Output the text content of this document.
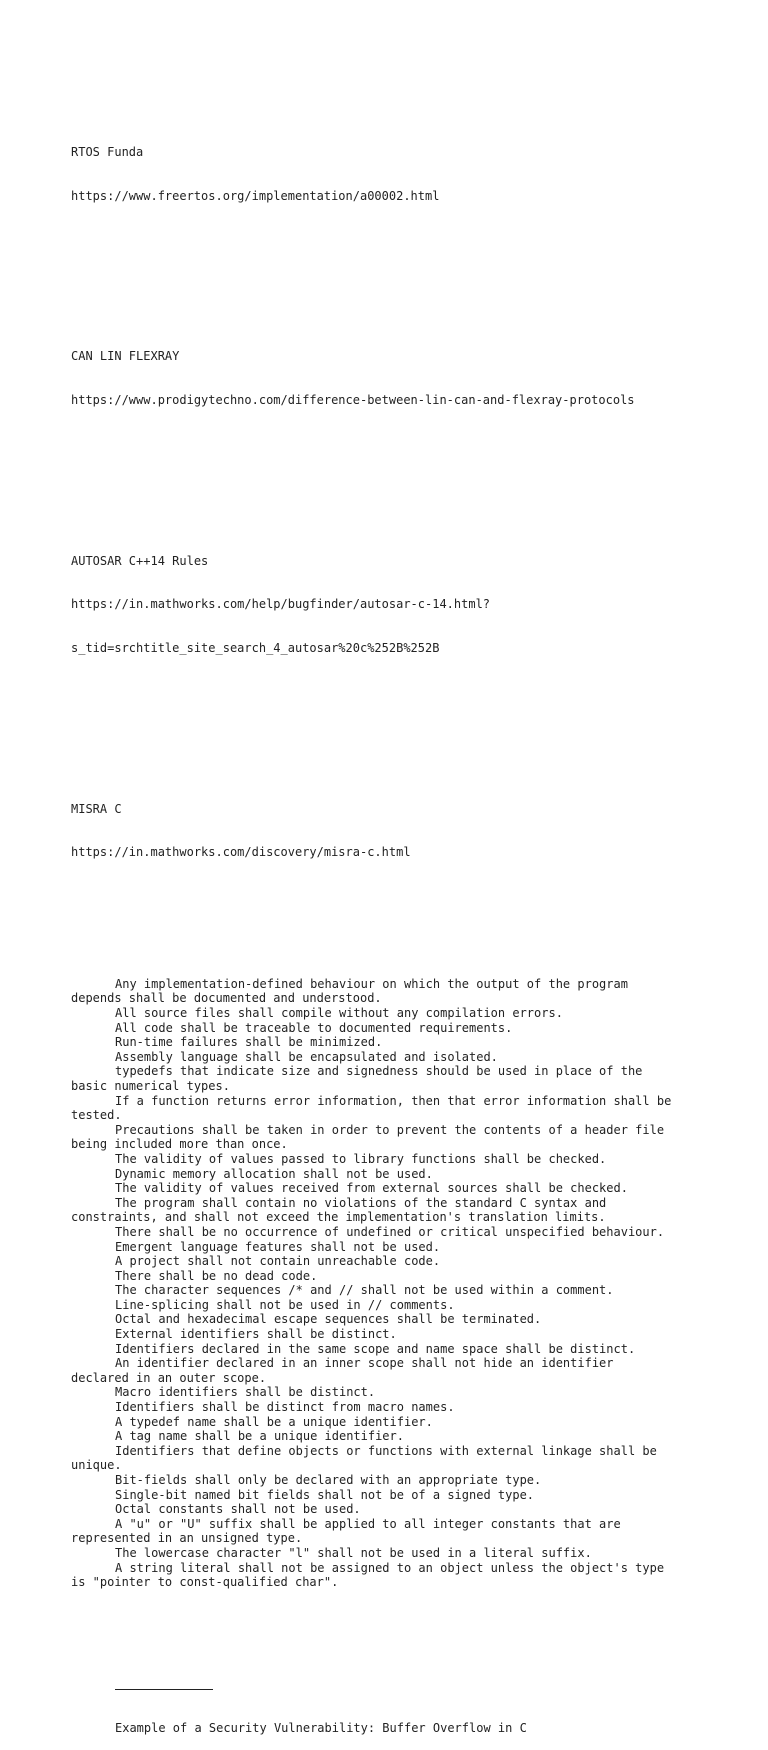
RTOS Funda

https://www.freertos.org/implementation/a00002.html

CAN LIN FLEXRAY

https://www.prodigytechno.com/difference-between-lin-can-and-flexray-protocols

AUTOSAR C++14 Rules

https://in.mathworks.com/help/bugfinder/autosar-c-14.html?

s_tid=srchtitle_site_search_4_autosar%20c%252B%252B

MISRA C

https://in.mathworks.com/discovery/misra-c.html

Any implementation-defined behaviour on which the output of the program
depends shall be documented and understood.
All source files shall compile without any compilation errors.
All code shall be traceable to documented requirements.
Run-time failures shall be minimized.
Assembly language shall be encapsulated and isolated.
typedefs that indicate size and signedness should be used in place of the
basic numerical types.
If a function returns error information, then that error information shall be
tested.
Precautions shall be taken in order to prevent the contents of a header file
being included more than once.
The validity of values passed to library functions shall be checked.
Dynamic memory allocation shall not be used.
The validity of values received from external sources shall be checked.
The program shall contain no violations of the standard C syntax and
constraints, and shall not exceed the implementation's translation limits.
There shall be no occurrence of undefined or critical unspecified behaviour.
Emergent language features shall not be used.
A project shall not contain unreachable code.
There shall be no dead code.
The character sequences /* and // shall not be used within a comment.
Line-splicing shall not be used in // comments.
Octal and hexadecimal escape sequences shall be terminated.
External identifiers shall be distinct.
Identifiers declared in the same scope and name space shall be distinct.
An identifier declared in an inner scope shall not hide an identifier
declared in an outer scope.
Macro identifiers shall be distinct.
Identifiers shall be distinct from macro names.
A typedef name shall be a unique identifier.
A tag name shall be a unique identifier.
Identifiers that define objects or functions with external linkage shall be
unique.
Bit-fields shall only be declared with an appropriate type.
Single-bit named bit fields shall not be of a signed type.
Octal constants shall not be used.
A "u" or "U" suffix shall be applied to all integer constants that are
represented in an unsigned type.
The lowercase character "l" shall not be used in a literal suffix.
A string literal shall not be assigned to an object unless the object's type
is "pointer to const-qualified char".

Example of a Security Vulnerability: Buffer Overflow in C
